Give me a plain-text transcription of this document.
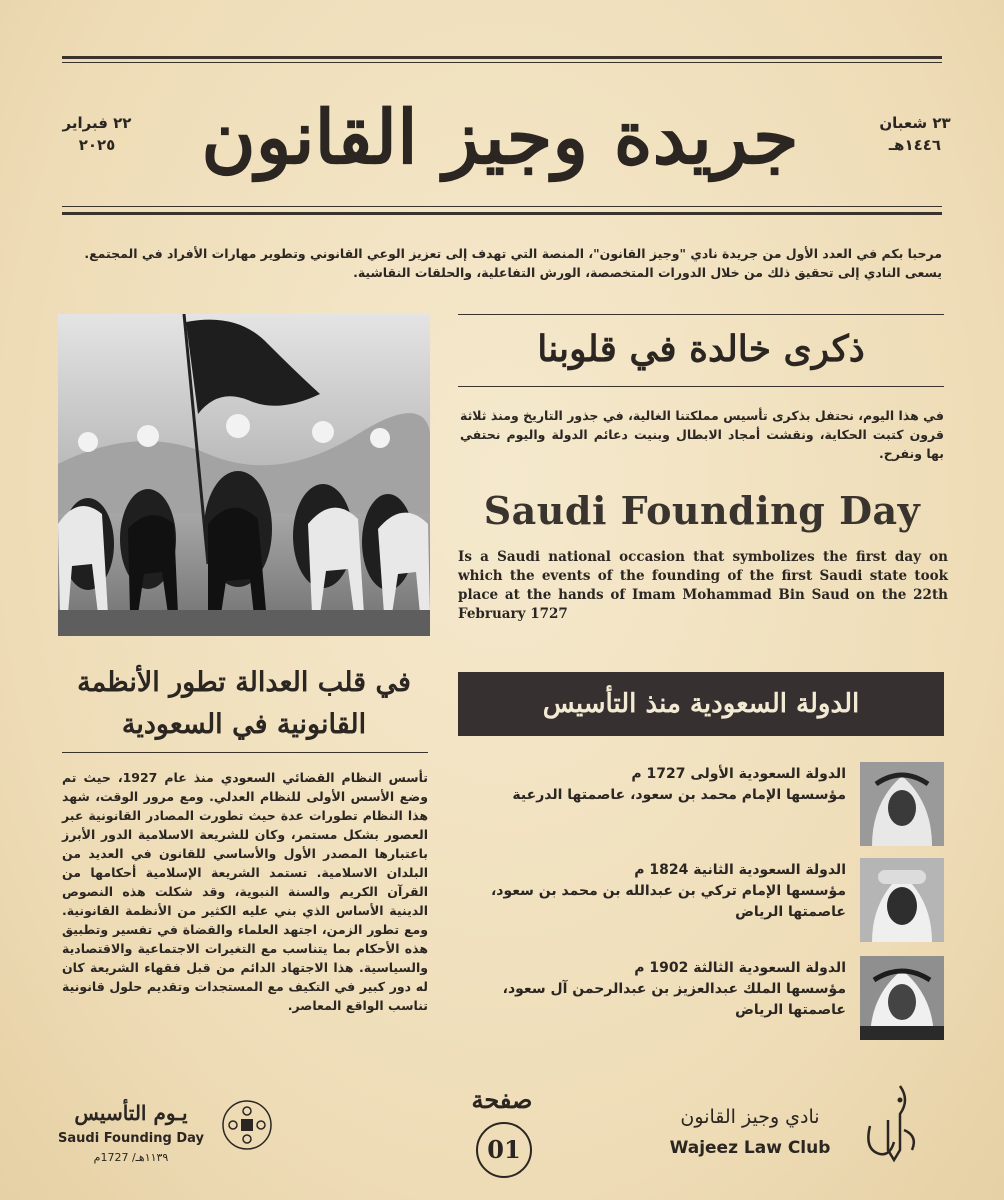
جريدة وجيز القانون	٢٣ شعبان
١٤٤٦هـ
٢٢ فبراير
٢٠٢٥
مرحبا بكم في العدد الأول من جريدة نادي "وجيز القانون"، المنصة التي تهدف إلى تعزيز الوعي القانوني وتطوير مهارات الأفراد في المجتمع.
يسعى النادي إلى تحقيق ذلك من خلال الدورات المتخصصة، الورش التفاعلية، والحلقات النقاشية.
ذكرى خالدة في قلوبنا
في هذا اليوم، نحتفل بذكرى تأسيس مملكتنا الغالية، في جذور التاريخ ومنذ ثلاثة قرون كتبت الحكاية، ونقشت أمجاد الابطال وبنيت دعائم الدولة واليوم نحتفي بها ونفرح.
Saudi Founding Day
Is a Saudi national occasion that symbolizes the first day on which the events of the founding of the first Saudi state took place at the hands of Imam Mohammad Bin Saud on the 22th February 1727
في قلب العدالة تطور الأنظمة
القانونية في السعودية
تأسس النظام القضائي السعودي منذ عام 1927، حيث تم وضع الأسس الأولى للنظام العدلي. ومع مرور الوقت، شهد هذا النظام تطورات عدة حيث تطورت المصادر القانونية عبر العصور بشكل مستمر، وكان للشريعة الاسلامية الدور الأبرز باعتبارها المصدر الأول والأساسي للقانون في العديد من البلدان الاسلامية. تستمد الشريعة الإسلامية أحكامها من القرآن الكريم والسنة النبوية، وقد شكلت هذه النصوص الدينية الأساس الذي بني عليه الكثير من الأنظمة القانونية. ومع تطور الزمن، اجتهد العلماء والقضاة في تفسير وتطبيق هذه الأحكام بما يتناسب مع التغيرات الاجتماعية والاقتصادية والسياسية. هذا الاجتهاد الدائم من قبل فقهاء الشريعة كان له دور كبير في التكيف مع المستجدات وتقديم حلول قانونية تناسب الواقع المعاصر.
الدولة السعودية منذ التأسيس
الدولة السعودية الأولى 1727 م
مؤسسها الإمام محمد بن سعود، عاصمتها الدرعية
الدولة السعودية الثانية 1824 م
مؤسسها الإمام تركي بن عبدالله بن محمد بن سعود، عاصمتها الرياض
الدولة السعودية الثالثة 1902 م
مؤسسها الملك عبدالعزيز بن عبدالرحمن آل سعود، عاصمتها الرياض
يـوم التأسيس
Saudi Founding Day
١١٣٩هـ/ 1727م
صفحة
01
نادي وجيز القانون
Wajeez Law Club
